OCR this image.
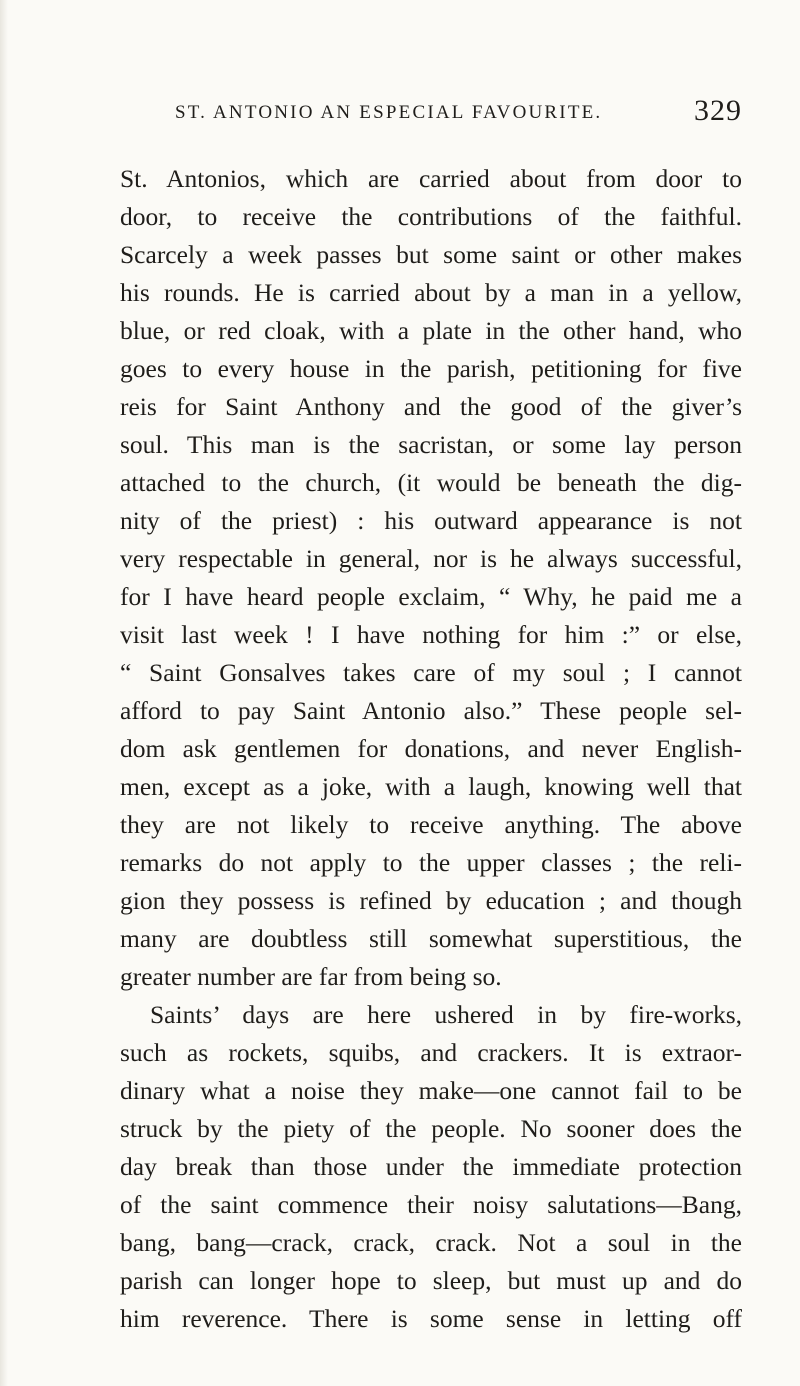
ST. ANTONIO AN ESPECIAL FAVOURITE.	329
St. Antonios, which are carried about from door to
door, to receive the contributions of the faithful.
Scarcely a week passes but some saint or other makes
his rounds. He is carried about by a man in a yellow,
blue, or red cloak, with a plate in the other hand, who
goes to every house in the parish, petitioning for five
reis for Saint Anthony and the good of the giver’s
soul. This man is the sacristan, or some lay person
attached to the church, (it would be beneath the dig-
nity of the priest) : his outward appearance is not
very respectable in general, nor is he always successful,
for I have heard people exclaim, “ Why, he paid me a
visit last week ! I have nothing for him :” or else,
“ Saint Gonsalves takes care of my soul ; I cannot
afford to pay Saint Antonio also.” These people sel-
dom ask gentlemen for donations, and never English-
men, except as a joke, with a laugh, knowing well that
they are not likely to receive anything. The above
remarks do not apply to the upper classes ; the reli-
gion they possess is refined by education ; and though
many are doubtless still somewhat superstitious, the
greater number are far from being so.
Saints’ days are here ushered in by fire-works,
such as rockets, squibs, and crackers. It is extraor-
dinary what a noise they make—one cannot fail to be
struck by the piety of the people. No sooner does the
day break than those under the immediate protection
of the saint commence their noisy salutations—Bang,
bang, bang—crack, crack, crack. Not a soul in the
parish can longer hope to sleep, but must up and do
him reverence. There is some sense in letting off
